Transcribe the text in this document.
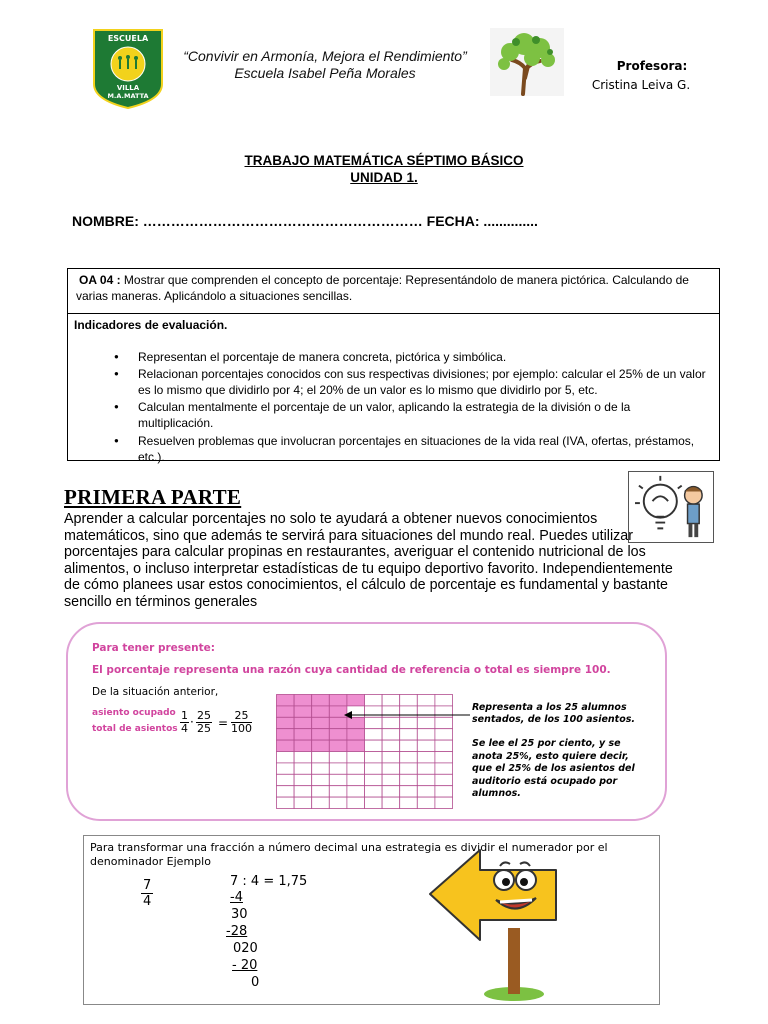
ESCUELA
VILLA
M.A.MATTA
“Convivir en Armonía, Mejora el Rendimiento”
Escuela Isabel Peña Morales	Profesora:
Cristina Leiva G.
TRABAJO MATEMÁTICA SÉPTIMO BÁSICO
UNIDAD 1.
NOMBRE: …………………………………………………… FECHA: ..............
OA 04 : Mostrar que comprenden el concepto de porcentaje: Representándolo de manera pictórica. Calculando de varias maneras. Aplicándolo a situaciones sencillas.
Indicadores de evaluación.
● Representan el porcentaje de manera concreta, pictórica y simbólica.
● Relacionan porcentajes conocidos con sus respectivas divisiones; por ejemplo: calcular el 25% de un valor es lo mismo que dividirlo por 4; el 20% de un valor es lo mismo que dividirlo por 5, etc.
● Calculan mentalmente el porcentaje de un valor, aplicando la estrategia de la división o de la multiplicación.
● Resuelven problemas que involucran porcentajes en situaciones de la vida real (IVA, ofertas, préstamos, etc.).
PRIMERA PARTE
Aprender a calcular porcentajes no solo te ayudará a obtener nuevos conocimientos matemáticos, sino que además te servirá para situaciones del mundo real. Puedes utilizar porcentajes para calcular propinas en restaurantes, averiguar el contenido nutricional de los alimentos, o incluso interpretar estadísticas de tu equipo deportivo favorito. Independientemente de cómo planees usar estos conocimientos, el cálculo de porcentaje es fundamental y bastante sencillo en términos generales
Para tener presente:
El porcentaje representa una razón cuya cantidad de referencia o total es siempre 100.
De la situación anterior,
asiento ocupado
total de asientos $\frac{1}{4} \cdot \frac{25}{25} = \frac{25}{100}$
Representa a los 25 alumnos sentados, de los 100 asientos.
Se lee el 25 por ciento, y se anota 25%, esto quiere decir, que el 25% de los asientos del auditorio está ocupado por alumnos.
Para transformar una fracción a número decimal una estrategia es dividir el numerador por el denominador Ejemplo
$\frac{7}{4}$	7 : 4 = 1,75
-4
30
-28
020
- 20
0
